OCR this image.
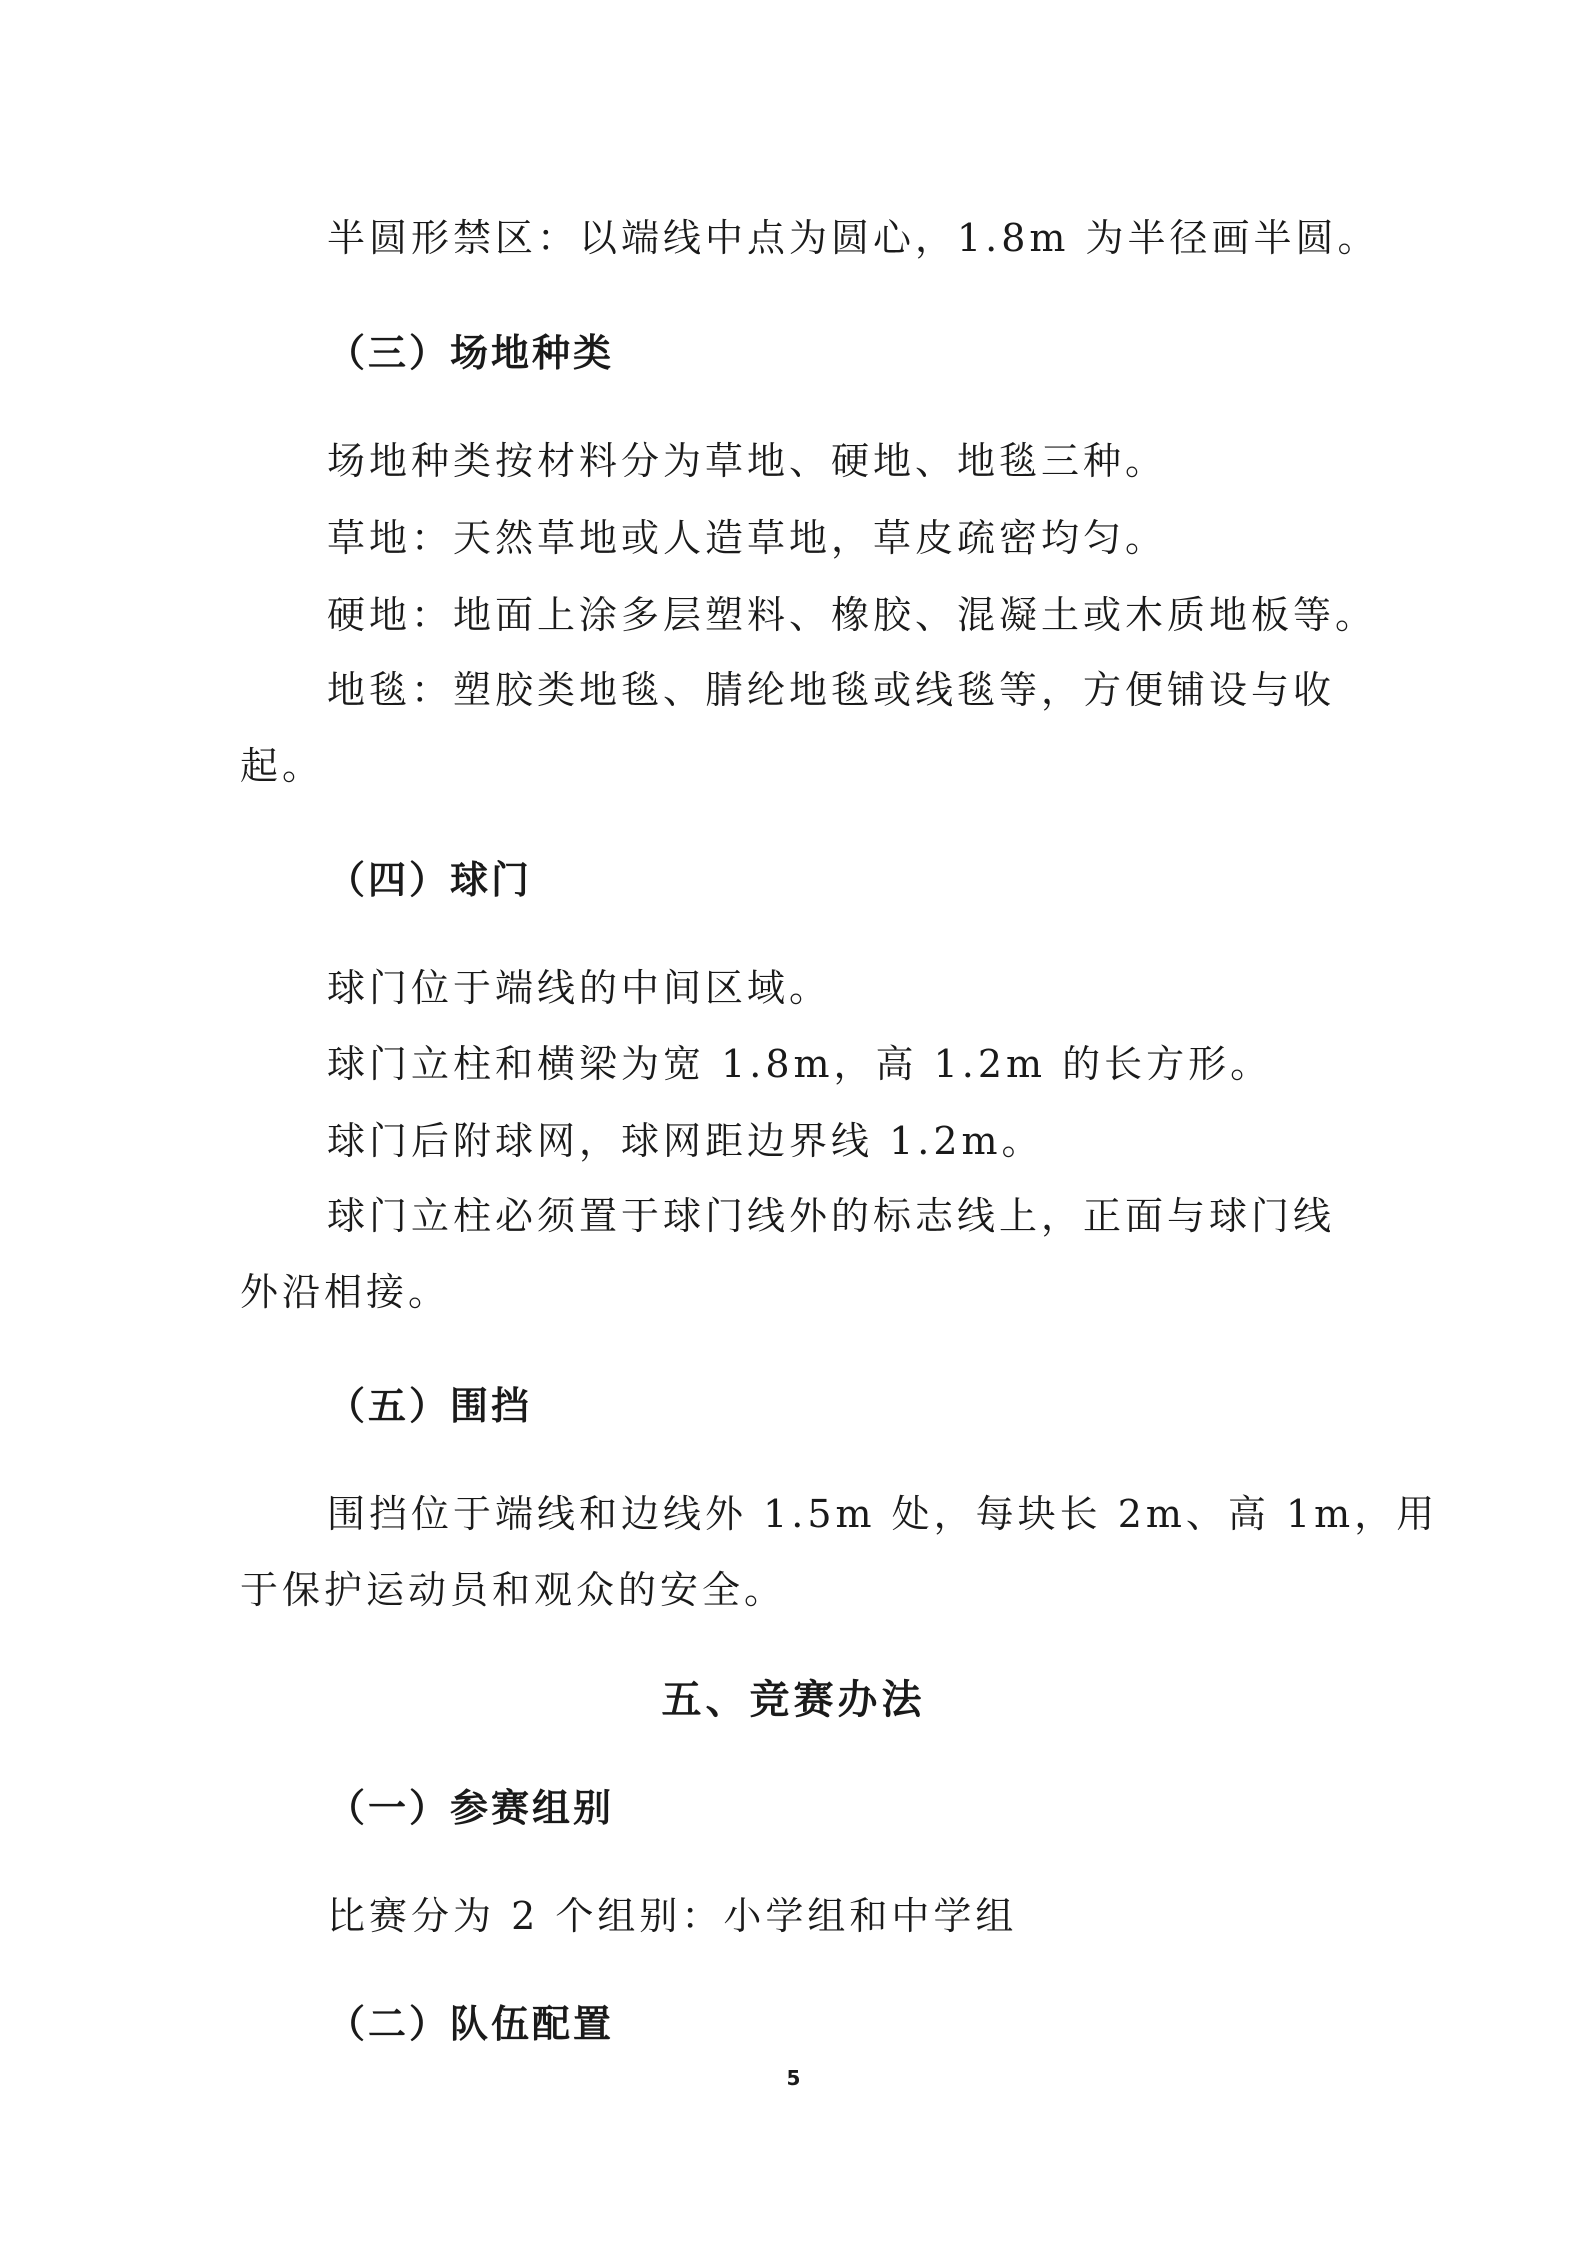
半圆形禁区：以端线中点为圆心，1.8m 为半径画半圆。

（三）场地种类

场地种类按材料分为草地、硬地、地毯三种。

草地：天然草地或人造草地，草皮疏密均匀。

硬地：地面上涂多层塑料、橡胶、混凝土或木质地板等。

地毯：塑胶类地毯、腈纶地毯或线毯等，方便铺设与收

起。

（四）球门

球门位于端线的中间区域。

球门立柱和横梁为宽 1.8m，高 1.2m 的长方形。

球门后附球网，球网距边界线 1.2m。

球门立柱必须置于球门线外的标志线上，正面与球门线

外沿相接。

（五）围挡

围挡位于端线和边线外 1.5m 处，每块长 2m、高 1m，用

于保护运动员和观众的安全。

五、竞赛办法

（一）参赛组别

比赛分为 2 个组别：小学组和中学组

（二）队伍配置

5
